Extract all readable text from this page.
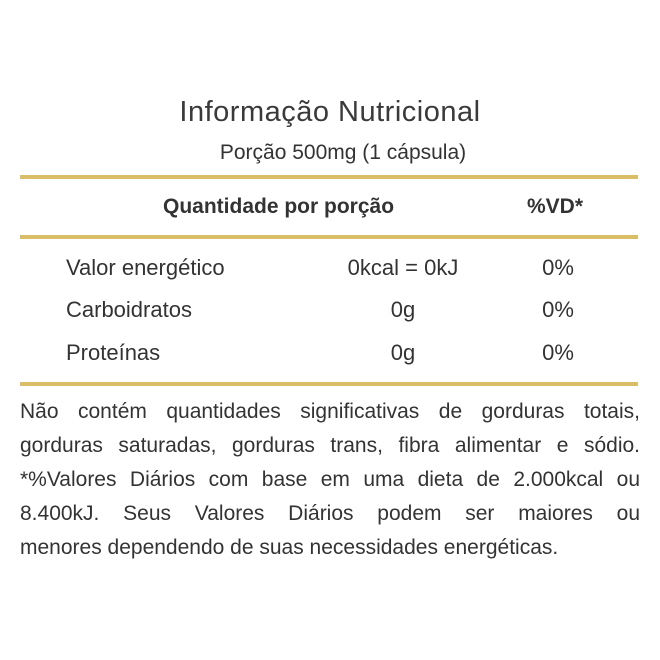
Informação Nutricional
Porção 500mg (1 cápsula)
Quantidade por porção	%VD*
Valor energético	0kcal = 0kJ	0%
Carboidratos	0g	0%
Proteínas	0g	0%
Não contém quantidades significativas de gorduras totais,
gorduras saturadas, gorduras trans, fibra alimentar e sódio.
*%Valores Diários com base em uma dieta de 2.000kcal ou
8.400kJ. Seus Valores Diários podem ser maiores ou
menores dependendo de suas necessidades energéticas.
